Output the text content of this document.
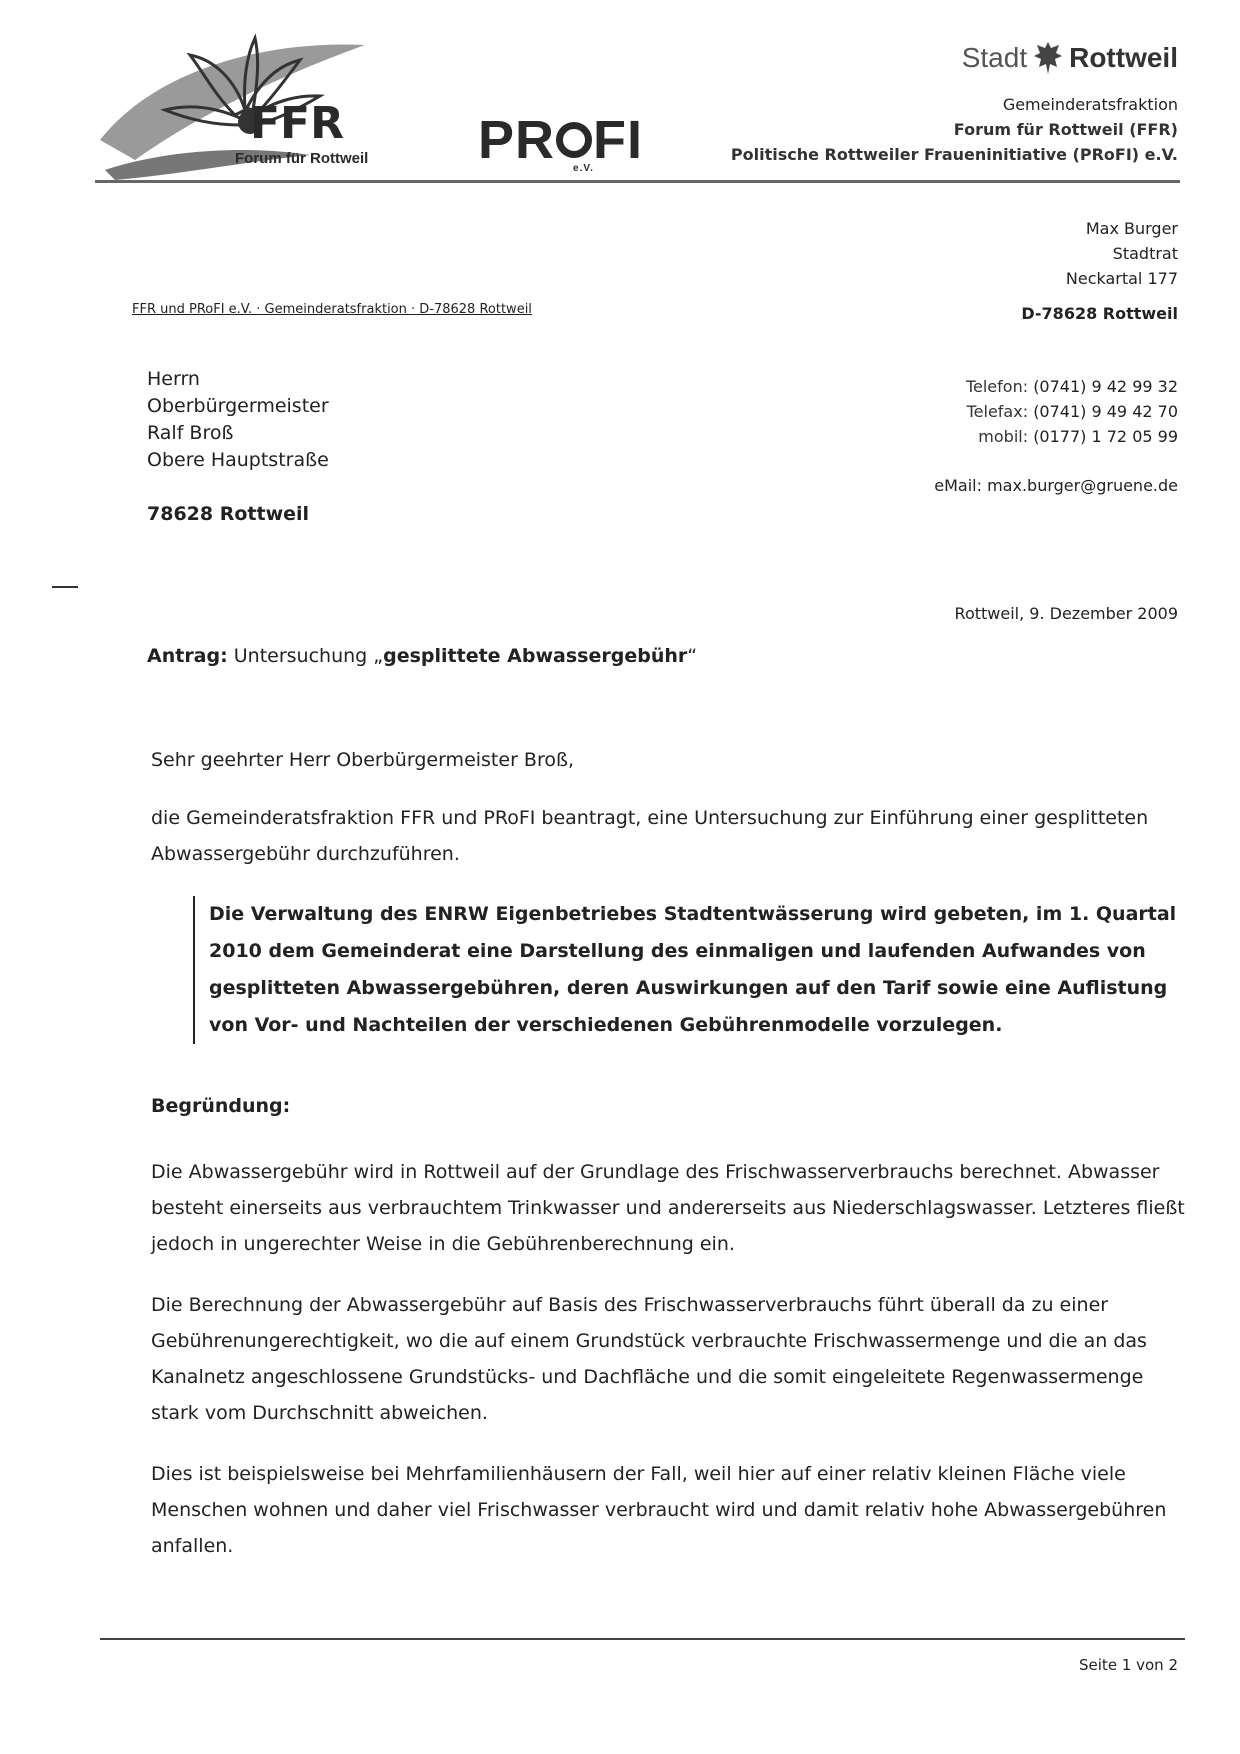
FFR
Forum für Rottweil PR e.V. FI
Stadt Rottweil
Gemeinderatsfraktion
Forum für Rottweil (FFR)
Politische Rottweiler Fraueninitiative (PRoFI) e.V.
Max Burger
Stadtrat
Neckartal 177
D-78628 Rottweil
FFR und PRoFI e.V. · Gemeinderatsfraktion · D-78628 Rottweil
Herrn
Oberbürgermeister
Ralf Broß
Obere Hauptstraße
78628 Rottweil
Telefon: (0741) 9 42 99 32
Telefax: (0741) 9 49 42 70
mobil: (0177) 1 72 05 99
eMail: max.burger@gruene.de
Rottweil, 9. Dezember 2009
Antrag: Untersuchung „gesplittete Abwassergebühr“
Sehr geehrter Herr Oberbürgermeister Broß,
die Gemeinderatsfraktion FFR und PRoFI beantragt, eine Untersuchung zur Einführung einer gesplitteten Abwassergebühr durchzuführen.
Die Verwaltung des ENRW Eigenbetriebes Stadtentwässerung wird gebeten, im 1. Quartal 2010 dem Gemeinderat eine Darstellung des einmaligen und laufenden Aufwandes von gesplitteten Abwassergebühren, deren Auswirkungen auf den Tarif sowie eine Auflistung von Vor- und Nachteilen der verschiedenen Gebührenmodelle vorzulegen.
Begründung:
Die Abwassergebühr wird in Rottweil auf der Grundlage des Frischwasserverbrauchs berechnet. Abwasser besteht einerseits aus verbrauchtem Trinkwasser und andererseits aus Niederschlagswasser. Letzteres fließt jedoch in ungerechter Weise in die Gebührenberechnung ein.
Die Berechnung der Abwassergebühr auf Basis des Frischwasserverbrauchs führt überall da zu einer Gebührenungerechtigkeit, wo die auf einem Grundstück verbrauchte Frischwassermenge und die an das Kanalnetz angeschlossene Grundstücks- und Dachfläche und die somit eingeleitete Regenwassermenge stark vom Durchschnitt abweichen.
Dies ist beispielsweise bei Mehrfamilienhäusern der Fall, weil hier auf einer relativ kleinen Fläche viele Menschen wohnen und daher viel Frischwasser verbraucht wird und damit relativ hohe Abwassergebühren anfallen.
Seite 1 von 2
